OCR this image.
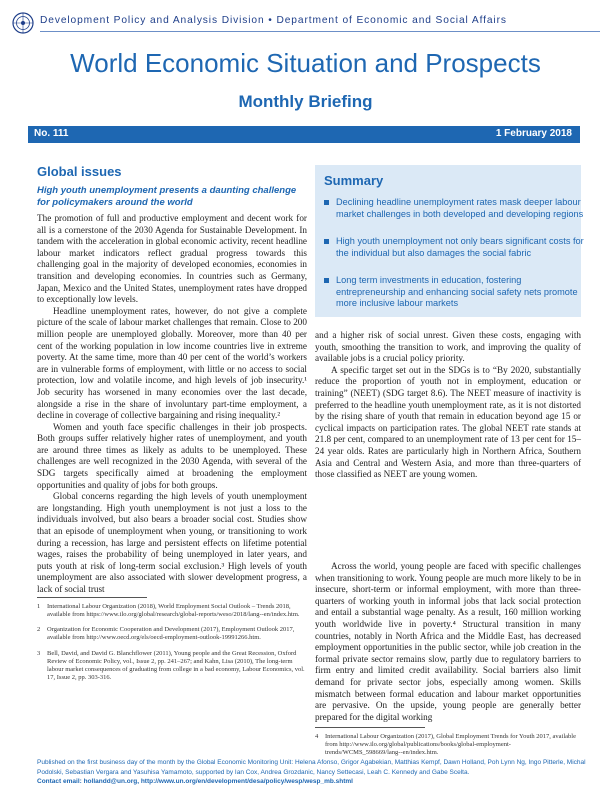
Development Policy and Analysis Division • Department of Economic and Social Affairs
World Economic Situation and Prospects
Monthly Briefing
No. 111	1 February 2018
Global issues
High youth unemployment presents a daunting challenge for policymakers around the world
Summary
Declining headline unemployment rates mask deeper labour market challenges in both developed and developing regions
High youth unemployment not only bears significant costs for the individual but also damages the social fabric
Long term investments in education, fostering entrepreneurship and enhancing social safety nets promote more inclusive labour markets

The promotion of full and productive employment and decent work for all is a cornerstone of the 2030 Agenda for Sustainable Development. In tandem with the acceleration in global economic activity, recent headline labour market indicators reflect gradual progress towards this challenging goal in the majority of developed economies, economies in transition and developing economies. In countries such as Germany, Japan, Mexico and the United States, unemployment rates have dropped to exceptionally low levels.

Headline unemployment rates, however, do not give a complete picture of the scale of labour market challenges that remain. Close to 200 million people are unemployed globally. Moreover, more than 40 per cent of the working population in low income countries live in extreme poverty. At the same time, more than 40 per cent of the world’s workers are in vulnerable forms of employment, with little or no access to social protection, low and volatile income, and high levels of job insecurity.¹ Job security has worsened in many economies over the last decade, alongside a rise in the share of involuntary part-time employment, a decline in coverage of collective bargaining and rising inequality.²

Women and youth face specific challenges in their job prospects. Both groups suffer relatively higher rates of unemployment, and youth are around three times as likely as adults to be unemployed. These challenges are well recognized in the 2030 Agenda, with several of the SDG targets specifically aimed at broadening the employment opportunities and quality of jobs for both groups.

Global concerns regarding the high levels of youth unemployment are longstanding. High youth unemployment is not just a loss to the individuals involved, but also bears a broader social cost. Studies show that an episode of unemployment when young, or transitioning to work during a recession, has large and persistent effects on lifetime potential wages, raises the probability of being unemployed in later years, and puts youth at risk of long-term social exclusion.³ High levels of youth unemployment are also associated with slower development progress, a lack of social trust

and a higher risk of social unrest. Given these costs, engaging with youth, smoothing the transition to work, and improving the quality of available jobs is a crucial policy priority.

A specific target set out in the SDGs is to “By 2020, substantially reduce the proportion of youth not in employment, education or training” (NEET) (SDG target 8.6). The NEET measure of inactivity is preferred to the headline youth unemployment rate, as it is not distorted by the rising share of youth that remain in education beyond age 15 or cyclical impacts on participation rates. The global NEET rate stands at 21.8 per cent, compared to an unemployment rate of 13 per cent for 15–24 year olds. Rates are particularly high in Northern Africa, Southern Asia and Central and Western Asia, and more than three-quarters of those classified as NEET are young women.

Across the world, young people are faced with specific challenges when transitioning to work. Young people are much more likely to be in insecure, short-term or informal employment, with more than three-quarters of working youth in informal jobs that lack social protection and entail a substantial wage penalty. As a result, 160 million working youth worldwide live in poverty.⁴ Structural transition in many countries, notably in North Africa and the Middle East, has decreased employment opportunities in the public sector, while job creation in the formal private sector remains slow, partly due to regulatory barriers to firm entry and limited credit availability. Social barriers also limit demand for private sector jobs, especially among women. Skills mismatch between formal education and labour market opportunities are pervasive. On the upside, young people are generally better prepared for the digital working

1 International Labour Organization (2018), World Employment Social Outlook – Trends 2018, available from https://www.ilo.org/global/research/global-reports/weso/2018/lang--en/index.htm.
2 Organization for Economic Cooperation and Development (2017), Employment Outlook 2017, available from http://www.oecd.org/els/oecd-employment-outlook-19991266.htm.
3 Bell, David, and David G. Blanchflower (2011), Young people and the Great Recession, Oxford Review of Economic Policy, vol., Issue 2, pp. 241–267; and Kahn, Lisa (2010), The long-term labour market consequences of graduating from college in a bad economy, Labour Economics, vol. 17, Issue 2, pp. 303-316.
4 International Labour Organization (2017), Global Employment Trends for Youth 2017, available from http://www.ilo.org/global/publications/books/global-employment-trends/WCMS_598669/lang--en/index.htm.
Published on the first business day of the month by the Global Economic Monitoring Unit: Helena Afonso, Grigor Agabekian, Matthias Kempf, Dawn Holland, Poh Lynn Ng, Ingo Pitterle, Michal Podolski, Sebastian Vergara and Yasuhisa Yamamoto, supported by Ian Cox, Andrea Grozdanic, Nancy Settecasi, Leah C. Kennedy and Gabe Scelta.
Contact email: hollandd@un.org, http://www.un.org/en/development/desa/policy/wesp/wesp_mb.shtml
